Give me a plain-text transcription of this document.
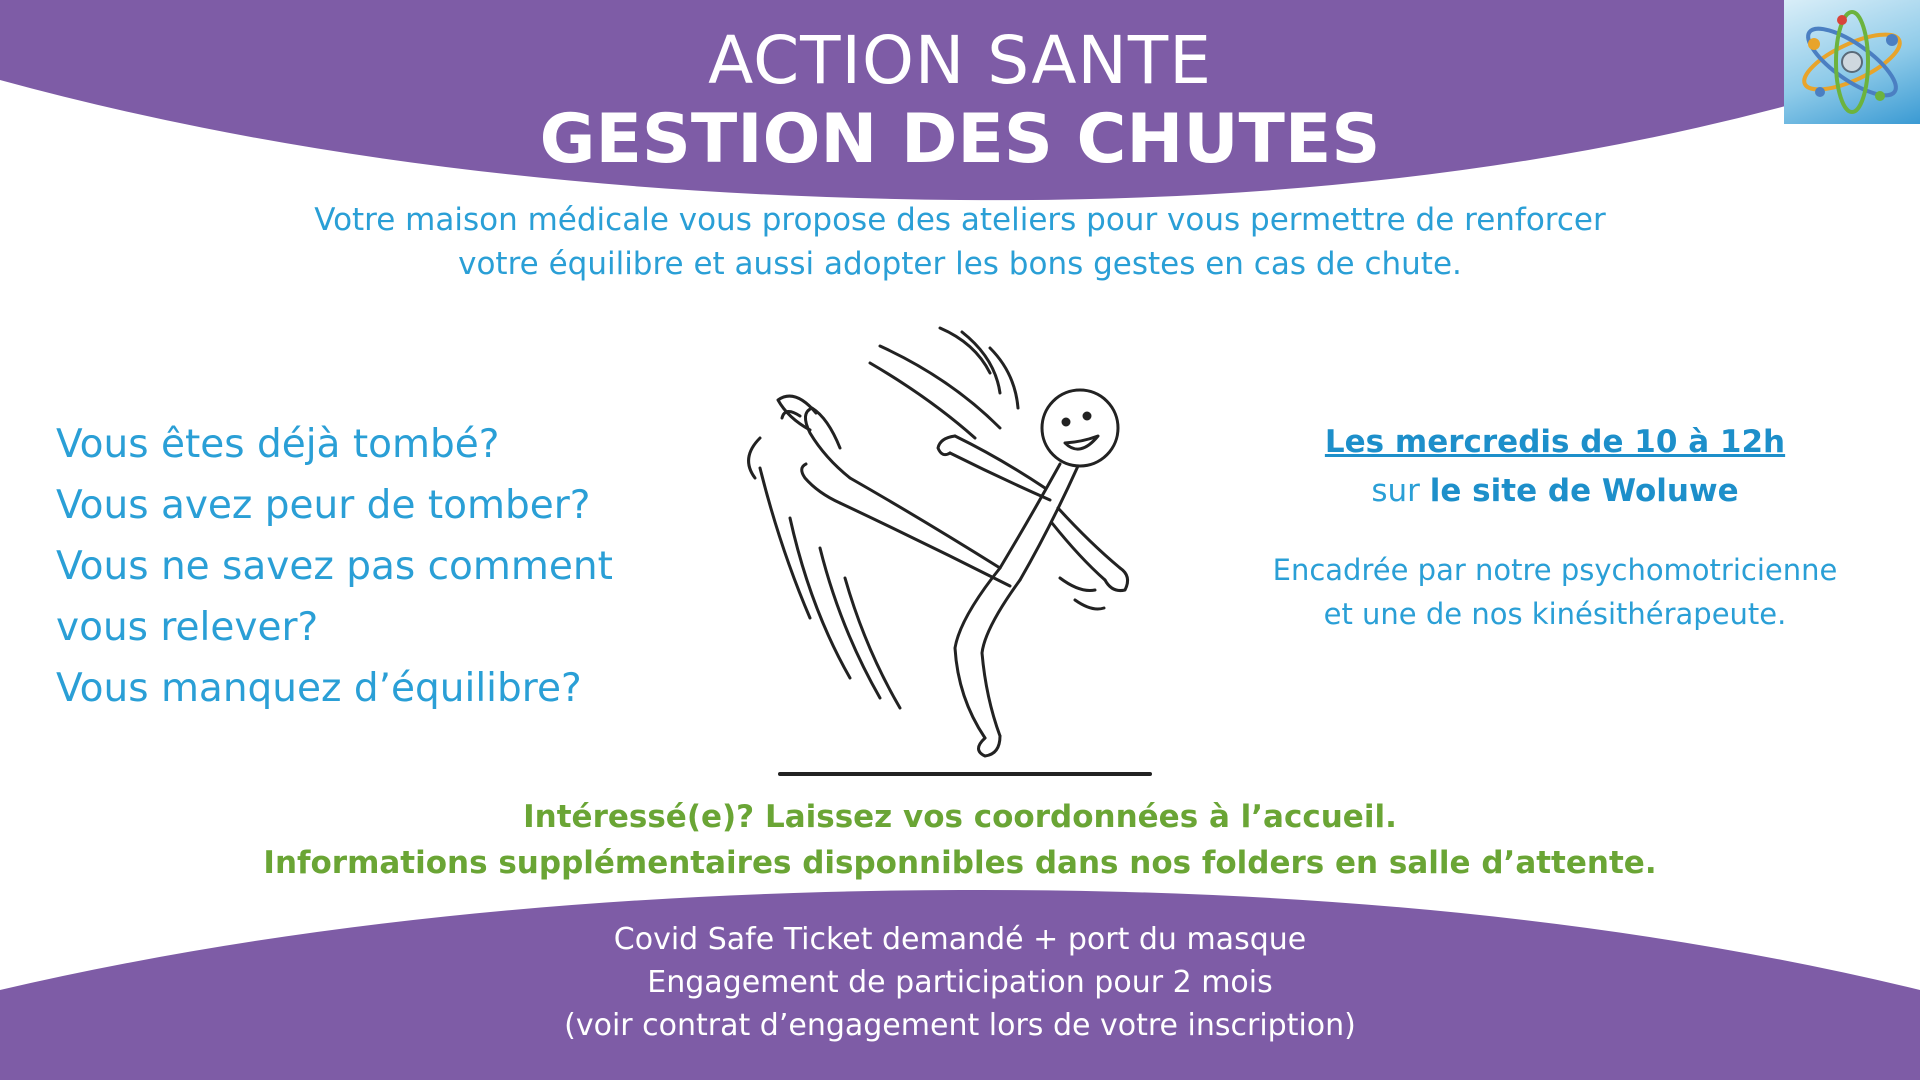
ACTION SANTE
GESTION DES CHUTES
Votre maison médicale vous propose des ateliers pour vous permettre de renforcer
votre équilibre et aussi adopter les bons gestes en cas de chute.
Vous êtes déjà tombé?
Vous avez peur de tomber?
Vous ne savez pas comment
vous relever?
Vous manquez d’équilibre?
Les mercredis de 10 à 12h
sur le site de Woluwe
Encadrée par notre psychomotricienne
et une de nos kinésithérapeute.
Intéressé(e)? Laissez vos coordonnées à l’accueil.
Informations supplémentaires disponnibles dans nos folders en salle d’attente.
Covid Safe Ticket demandé + port du masque
Engagement de participation pour 2 mois
(voir contrat d’engagement lors de votre inscription)
